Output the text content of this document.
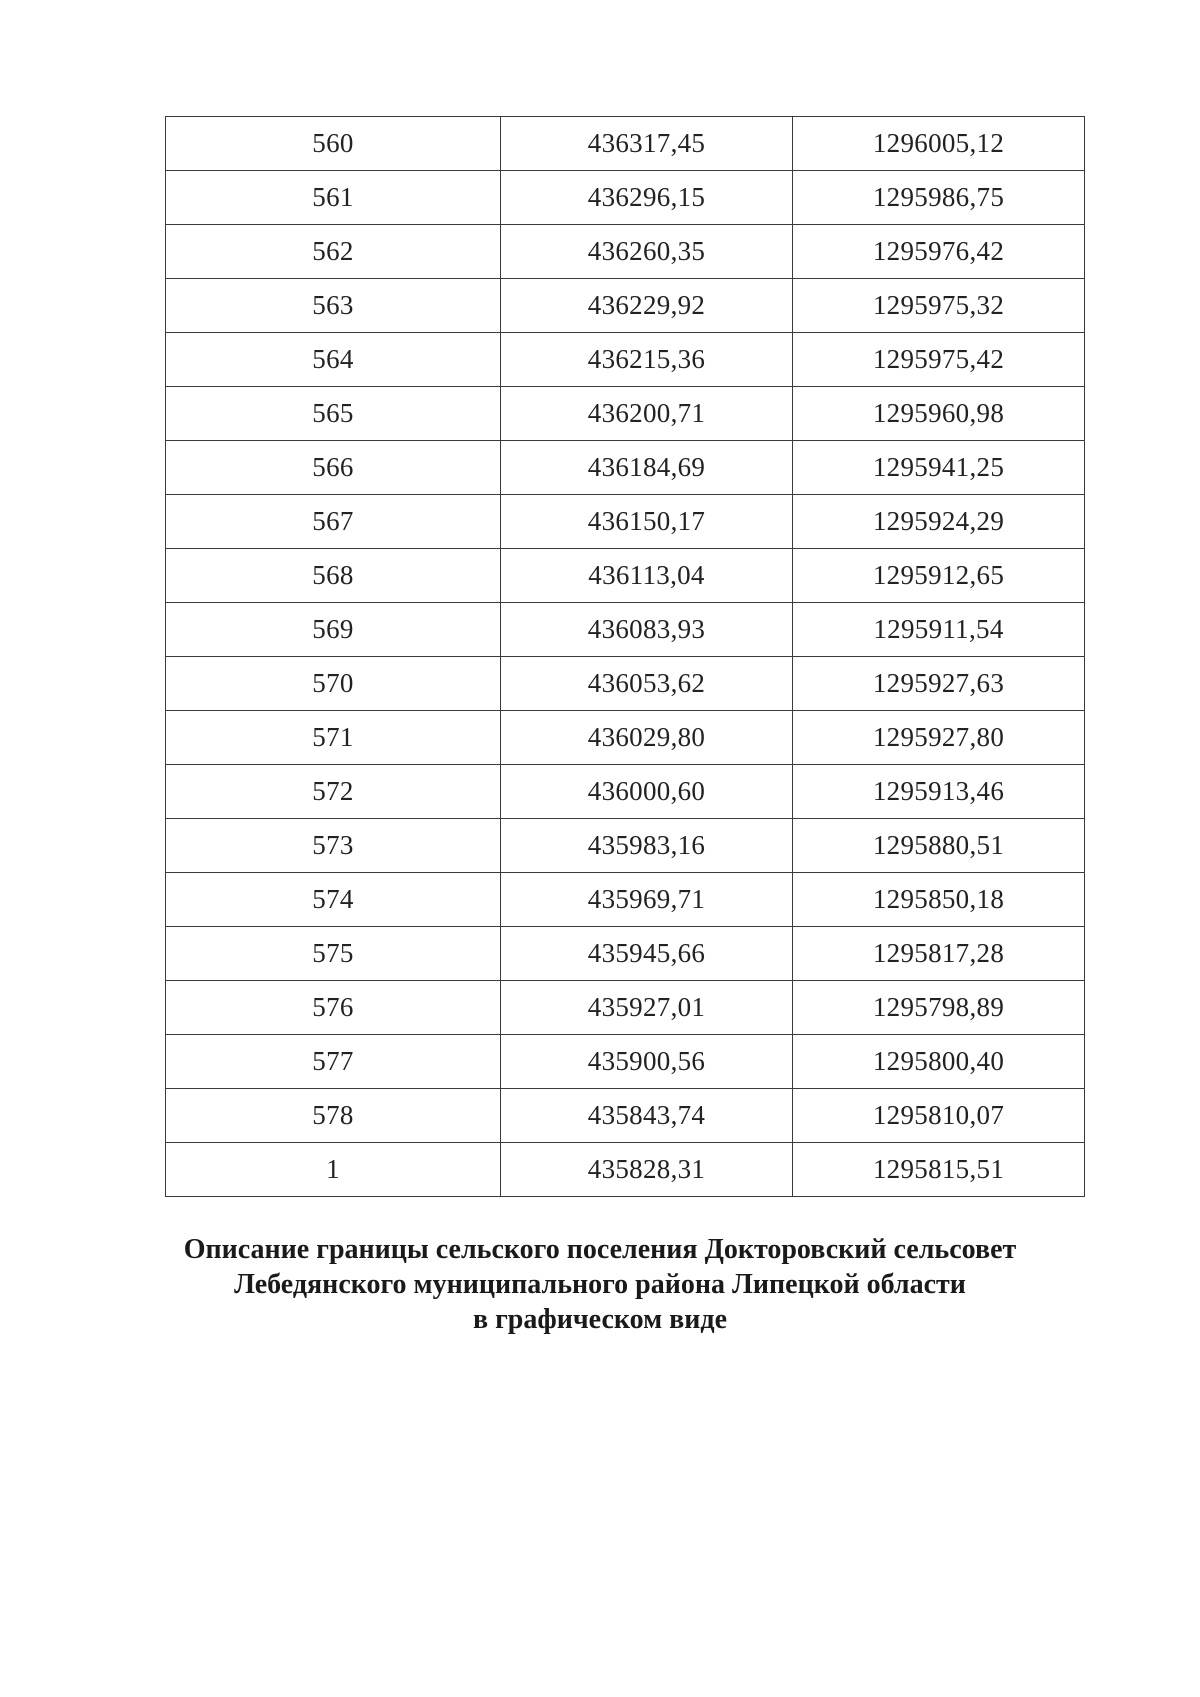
560	436317,45	1296005,12
561	436296,15	1295986,75
562	436260,35	1295976,42
563	436229,92	1295975,32
564	436215,36	1295975,42
565	436200,71	1295960,98
566	436184,69	1295941,25
567	436150,17	1295924,29
568	436113,04	1295912,65
569	436083,93	1295911,54
570	436053,62	1295927,63
571	436029,80	1295927,80
572	436000,60	1295913,46
573	435983,16	1295880,51
574	435969,71	1295850,18
575	435945,66	1295817,28
576	435927,01	1295798,89
577	435900,56	1295800,40
578	435843,74	1295810,07
1	435828,31	1295815,51
Описание границы сельского поселения Докторовский сельсовет
Лебедянского муниципального района Липецкой области
в графическом виде
